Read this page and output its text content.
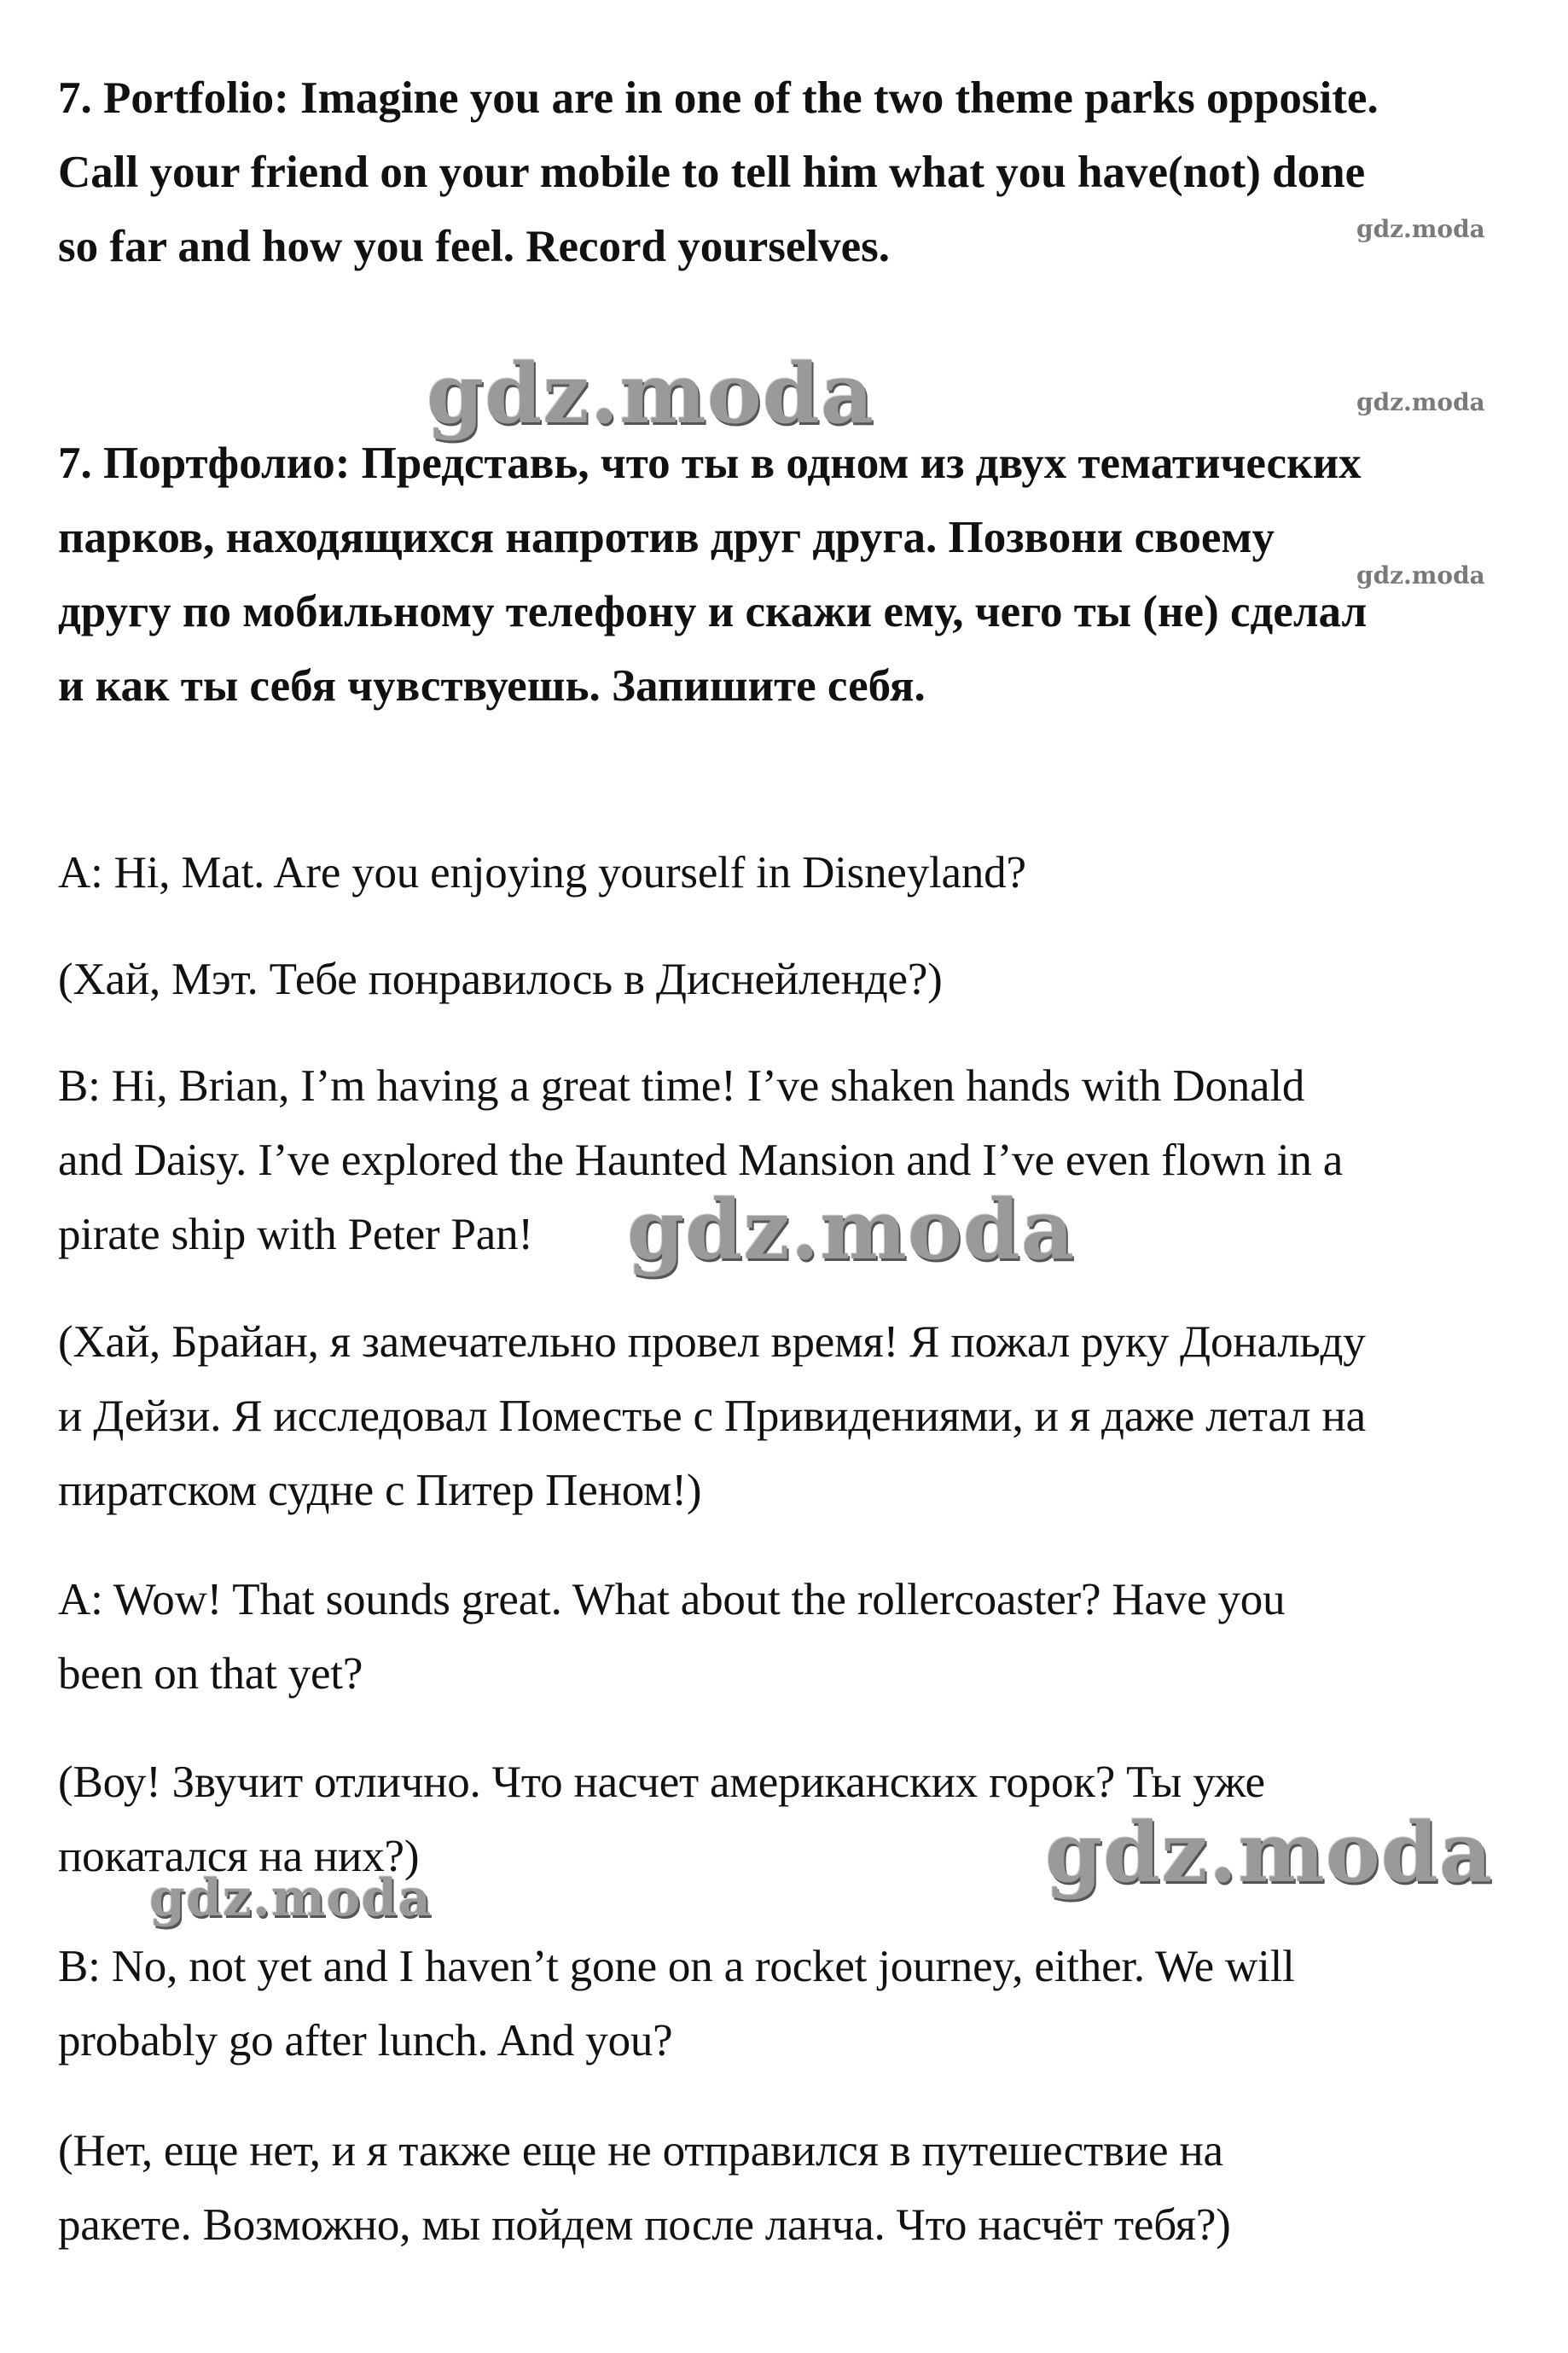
7. Portfolio: Imagine you are in one of the two theme parks opposite.
Call your friend on your mobile to tell him what you have(not) done
so far and how you feel. Record yourselves.
7. Портфолио: Представь, что ты в одном из двух тематических
парков, находящихся напротив друг друга. Позвони своему
другу по мобильному телефону и скажи ему, чего ты (не) сделал
и как ты себя чувствуешь. Запишите себя.
A: Hi, Mat. Are you enjoying yourself in Disneyland?
(Хай, Мэт. Тебе понравилось в Диснейленде?)
B: Hi, Brian, I’m having a great time! I’ve shaken hands with Donald
and Daisy. I’ve explored the Haunted Mansion and I’ve even flown in a
pirate ship with Peter Pan!
(Хай, Брайан, я замечательно провел время! Я пожал руку Дональду
и Дейзи. Я исследовал Поместье с Привидениями, и я даже летал на
пиратском судне с Питер Пеном!)
A: Wow! That sounds great. What about the rollercoaster? Have you
been on that yet?
(Воу! Звучит отлично. Что насчет американских горок? Ты уже
покатался на них?)
B: No, not yet and I haven’t gone on a rocket journey, either. We will
probably go after lunch. And you?
(Нет, еще нет, и я также еще не отправился в путешествие на
ракете. Возможно, мы пойдем после ланча. Что насчёт тебя?)
gdz.moda
gdz.moda
gdz.moda
gdz.moda
gdz.moda
gdz.moda
gdz.moda
